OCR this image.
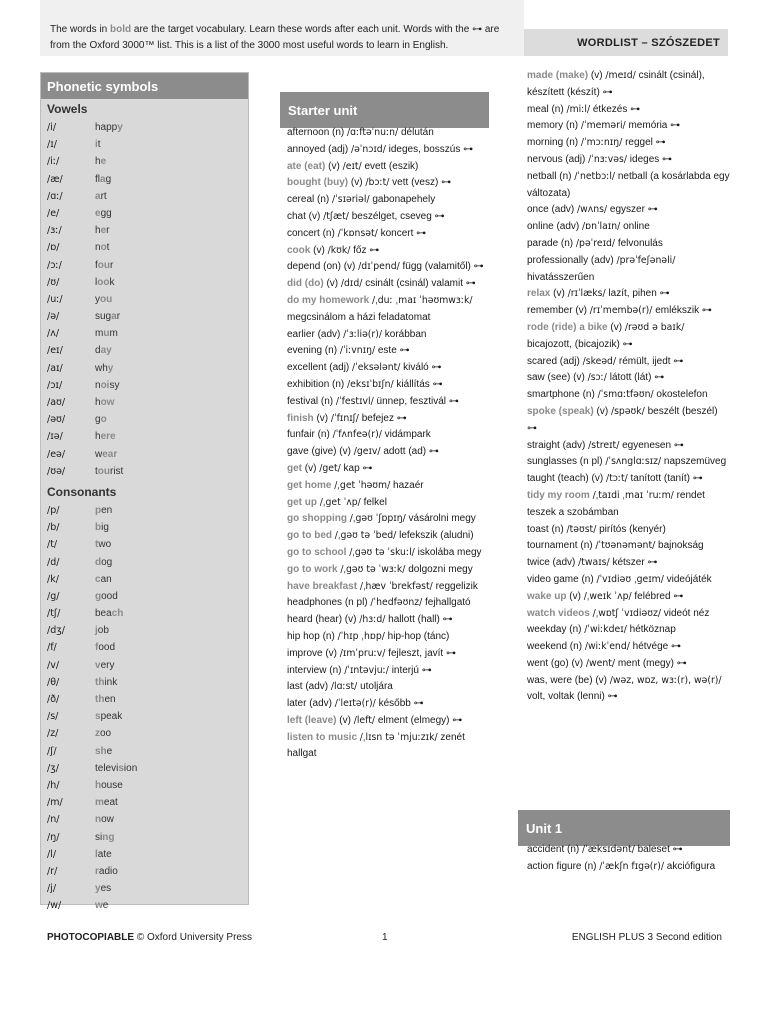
The words in bold are the target vocabulary. Learn these words after each unit. Words with the ⊶ are
from the Oxford 3000™ list. This is a list of the 3000 most useful words to learn in English.	WORDLIST – SZÓSZEDET
Phonetic symbols
Vowels
/i/	happy
/ɪ/	it
/iː/	he
/æ/	flag
/ɑː/	art
/e/	egg
/ɜː/	her
/ɒ/	not
/ɔː/	four
/ʊ/	look
/uː/	you
/ə/	sugar
/ʌ/	mum
/eɪ/	day
/aɪ/	why
/ɔɪ/	noisy
/aʊ/	how
/əʊ/	go
/ɪə/	here
/eə/	wear
/ʊə/	tourist
Consonants
/p/	pen
/b/	big
/t/	two
/d/	dog
/k/	can
/g/	good
/tʃ/	beach
/dʒ/	job
/f/	food
/v/	very
/θ/	think
/ð/	then
/s/	speak
/z/	zoo
/ʃ/	she
/ʒ/	television
/h/	house
/m/	meat
/n/	now
/ŋ/	sing
/l/	late
/r/	radio
/j/	yes
/w/	we
Starter unit
afternoon (n) /ɑːftəˈnuːn/ délután
annoyed (adj) /əˈnɔɪd/ ideges, bosszús ⊶
ate (eat) (v) /eɪt/ evett (eszik)
bought (buy) (v) /bɔːt/ vett (vesz) ⊶
cereal (n) /ˈsɪəriəl/ gabonapehely
chat (v) /tʃæt/ beszélget, cseveg ⊶
concert (n) /ˈkɒnsət/ koncert ⊶
cook (v) /kʊk/ főz ⊶
depend (on) (v) /dɪˈpend/ függ (valamitől) ⊶
did (do) (v) /dɪd/ csinált (csinál) valamit ⊶
do my homework /ˌduː ˌmaɪ ˈhəʊmwɜːk/ megcsinálom a házi feladatomat
earlier (adv) /ˈɜːliə(r)/ korábban
evening (n) /ˈiːvnɪŋ/ este ⊶
excellent (adj) /ˈeksələnt/ kiváló ⊶
exhibition (n) /eksɪˈbɪʃn/ kiállítás ⊶
festival (n) /ˈfestɪvl/ ünnep, fesztivál ⊶
finish (v) /ˈfɪnɪʃ/ befejez ⊶
funfair (n) /ˈfʌnfeə(r)/ vidámpark
gave (give) (v) /geɪv/ adott (ad) ⊶
get (v) /get/ kap ⊶
get home /ˌget ˈhəʊm/ hazaér
get up /ˌget ˈʌp/ felkel
go shopping /ˌgəʊ ˈʃɒpɪŋ/ vásárolni megy
go to bed /ˌgəʊ tə ˈbed/ lefekszik (aludni)
go to school /ˌgəʊ tə ˈskuːl/ iskolába megy
go to work /ˌgəʊ tə ˈwɜːk/ dolgozni megy
have breakfast /ˌhæv ˈbrekfəst/ reggelizik
headphones (n pl) /ˈhedfəʊnz/ fejhallgató
heard (hear) (v) /hɜːd/ hallott (hall) ⊶
hip hop (n) /ˈhɪp ˌhɒp/ hip-hop (tánc)
improve (v) /ɪmˈpruːv/ fejleszt, javít ⊶
interview (n) /ˈɪntəvjuː/ interjú ⊶
last (adv) /lɑːst/ utoljára
later (adv) /ˈleɪtə(r)/ később ⊶
left (leave) (v) /left/ elment (elmegy) ⊶
listen to music /ˌlɪsn tə ˈmjuːzɪk/ zenét hallgat
made (make) (v) /meɪd/ csinált (csinál), készített (készít) ⊶
meal (n) /miːl/ étkezés ⊶
memory (n) /ˈmeməri/ memória ⊶
morning (n) /ˈmɔːnɪŋ/ reggel ⊶
nervous (adj) /ˈnɜːvəs/ ideges ⊶
netball (n) /ˈnetbɔːl/ netball (a kosárlabda egy változata)
once (adv) /wʌns/ egyszer ⊶
online (adv) /ɒnˈlaɪn/ online
parade (n) /pəˈreɪd/ felvonulás
professionally (adv) /prəˈfeʃənəli/ hivatásszerűen
relax (v) /rɪˈlæks/ lazít, pihen ⊶
remember (v) /rɪˈmembə(r)/ emlékszik ⊶
rode (ride) a bike (v) /rəʊd ə baɪk/ bicajozott, (bicajozik) ⊶
scared (adj) /skeəd/ rémült, ijedt ⊶
saw (see) (v) /sɔː/ látott (lát) ⊶
smartphone (n) /ˈsmɑːtfəʊn/ okostelefon
spoke (speak) (v) /spəʊk/ beszélt (beszél) ⊶
straight (adv) /streɪt/ egyenesen ⊶
sunglasses (n pl) /ˈsʌnglɑːsɪz/ napszemüveg
taught (teach) (v) /tɔːt/ tanított (tanít) ⊶
tidy my room /ˌtaɪdi ˌmaɪ ˈruːm/ rendet teszek a szobámban
toast (n) /təʊst/ pirítós (kenyér)
tournament (n) /ˈtʊənəmənt/ bajnokság
twice (adv) /twaɪs/ kétszer ⊶
video game (n) /ˈvɪdiəʊ ˌgeɪm/ videójáték
wake up (v) /ˌweɪk ˈʌp/ felébred ⊶
watch videos /ˌwɒtʃ ˈvɪdiəʊz/ videót néz
weekday (n) /ˈwiːkdeɪ/ hétköznap
weekend (n) /wiːkˈend/ hétvége ⊶
went (go) (v) /went/ ment (megy) ⊶
was, were (be) (v) /wəz, wɒz, wɜː(r), wə(r)/ volt, voltak (lenni) ⊶
Unit 1
accident (n) /ˈæksɪdənt/ baleset ⊶
action figure (n) /ˈækʃn fɪgə(r)/ akciófigura
PHOTOCOPIABLE © Oxford University Press	1	ENGLISH PLUS 3 Second edition
